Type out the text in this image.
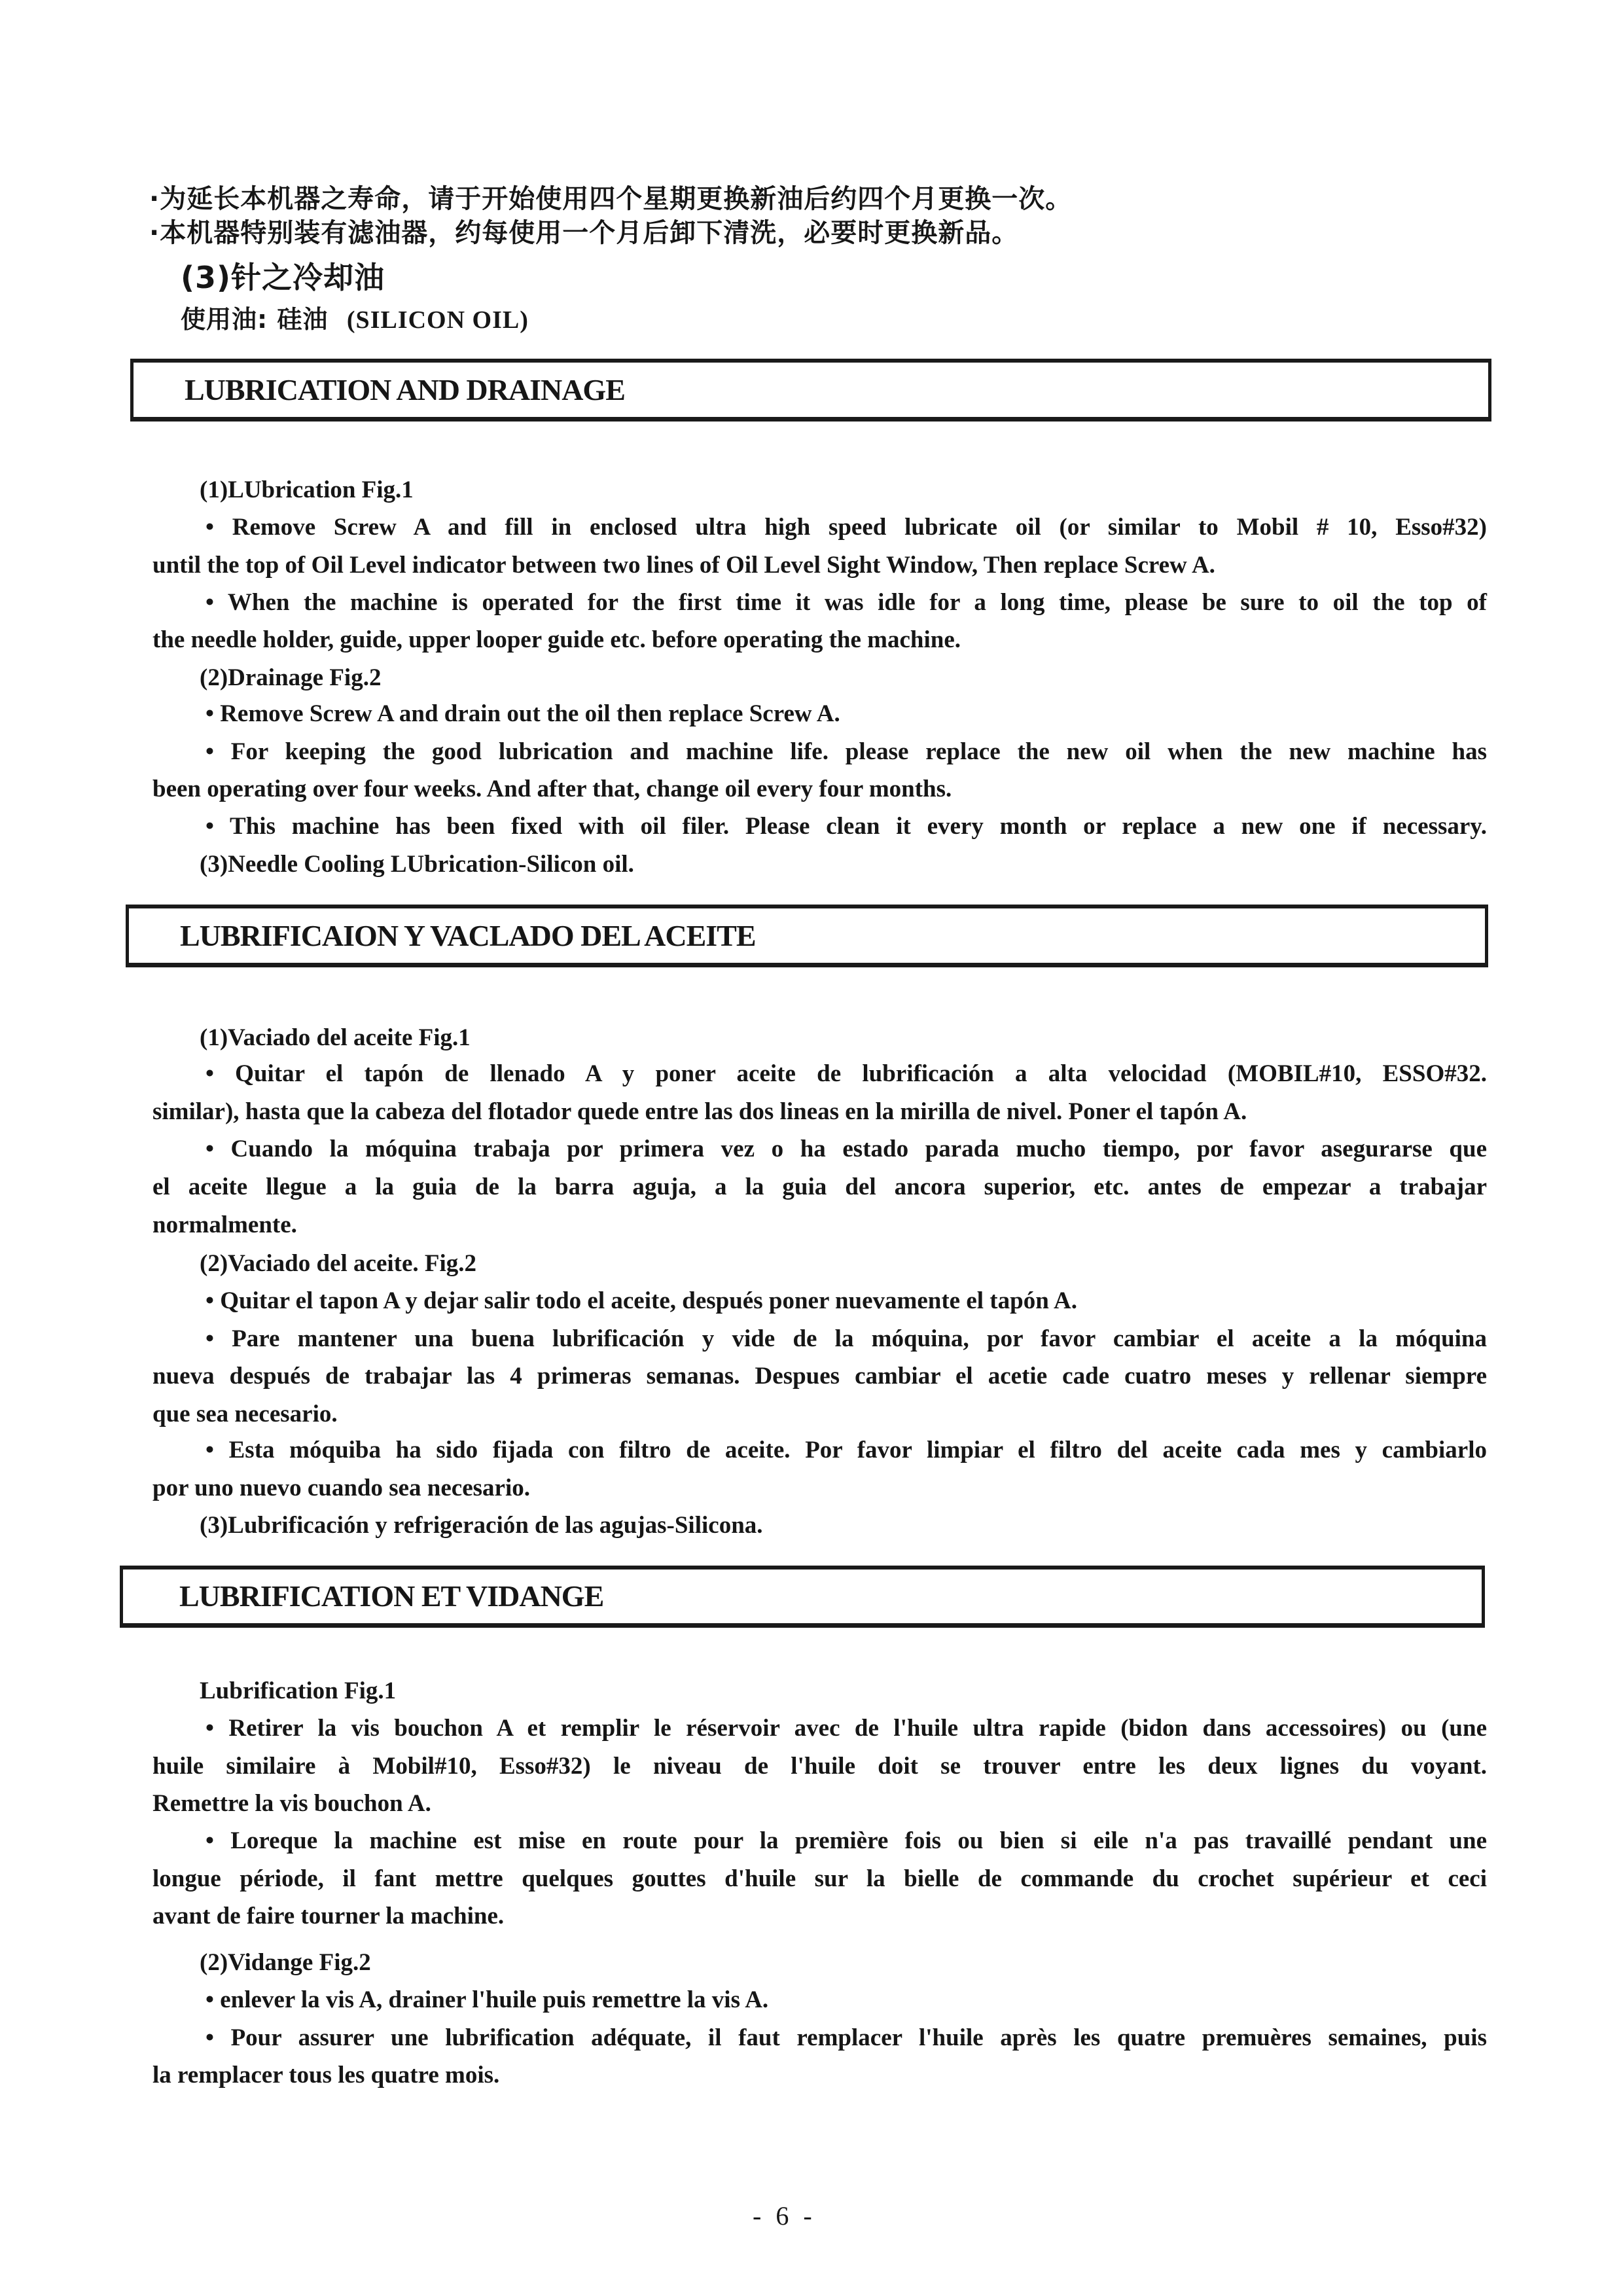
·为延长本机器之寿命，请于开始使用四个星期更换新油后约四个月更换一次。
·本机器特别装有滤油器，约每使用一个月后卸下清洗，必要时更换新品。
(3)针之冷却油
使用油: 硅油 (SILICON OIL)
LUBRICATION AND DRAINAGE
(1)LUbrication Fig.1
• Remove Screw A and fill in enclosed ultra high speed lubricate oil (or similar to Mobil # 10, Esso#32)
until the top of Oil Level indicator between two lines of Oil Level Sight Window, Then replace Screw A.
• When the machine is operated for the first time it was idle for a long time, please be sure to oil the top of
the needle holder, guide, upper looper guide etc. before operating the machine.
(2)Drainage Fig.2
• Remove Screw A and drain out the oil then replace Screw A.
• For keeping the good lubrication and machine life. please replace the new oil when the new machine has
been operating over four weeks. And after that, change oil every four months.
• This machine has been fixed with oil filer. Please clean it every month or replace a new one if necessary.
(3)Needle Cooling LUbrication-Silicon oil.
LUBRIFICAION Y VACLADO DEL ACEITE
(1)Vaciado del aceite Fig.1
• Quitar el tapón de llenado A y poner aceite de lubrificación a alta velocidad (MOBIL#10, ESSO#32.
similar), hasta que la cabeza del flotador quede entre las dos lineas en la mirilla de nivel. Poner el tapón A.
• Cuando la móquina trabaja por primera vez o ha estado parada mucho tiempo, por favor asegurarse que
el aceite llegue a la guia de la barra aguja, a la guia del ancora superior, etc. antes de empezar a trabajar
normalmente.
(2)Vaciado del aceite. Fig.2
• Quitar el tapon A y dejar salir todo el aceite, después poner nuevamente el tapón A.
• Pare mantener una buena lubrificación y vide de la móquina, por favor cambiar el aceite a la móquina
nueva después de trabajar las 4 primeras semanas. Despues cambiar el acetie cade cuatro meses y rellenar siempre
que sea necesario.
• Esta móquiba ha sido fijada con filtro de aceite. Por favor limpiar el filtro del aceite cada mes y cambiarlo
por uno nuevo cuando sea necesario.
(3)Lubrificación y refrigeración de las agujas-Silicona.
LUBRIFICATION ET VIDANGE
Lubrification Fig.1
• Retirer la vis bouchon A et remplir le réservoir avec de l'huile ultra rapide (bidon dans accessoires) ou (une
huile similaire à Mobil#10, Esso#32) le niveau de l'huile doit se trouver entre les deux lignes du voyant.
Remettre la vis bouchon A.
• Loreque la machine est mise en route pour la première fois ou bien si eile n'a pas travaillé pendant une
longue période, il fant mettre quelques gouttes d'huile sur la bielle de commande du crochet supérieur et ceci
avant de faire tourner la machine.
(2)Vidange Fig.2
• enlever la vis A, drainer l'huile puis remettre la vis A.
• Pour assurer une lubrification adéquate, il faut remplacer l'huile après les quatre premuères semaines, puis
la remplacer tous les quatre mois.
- 6 -
